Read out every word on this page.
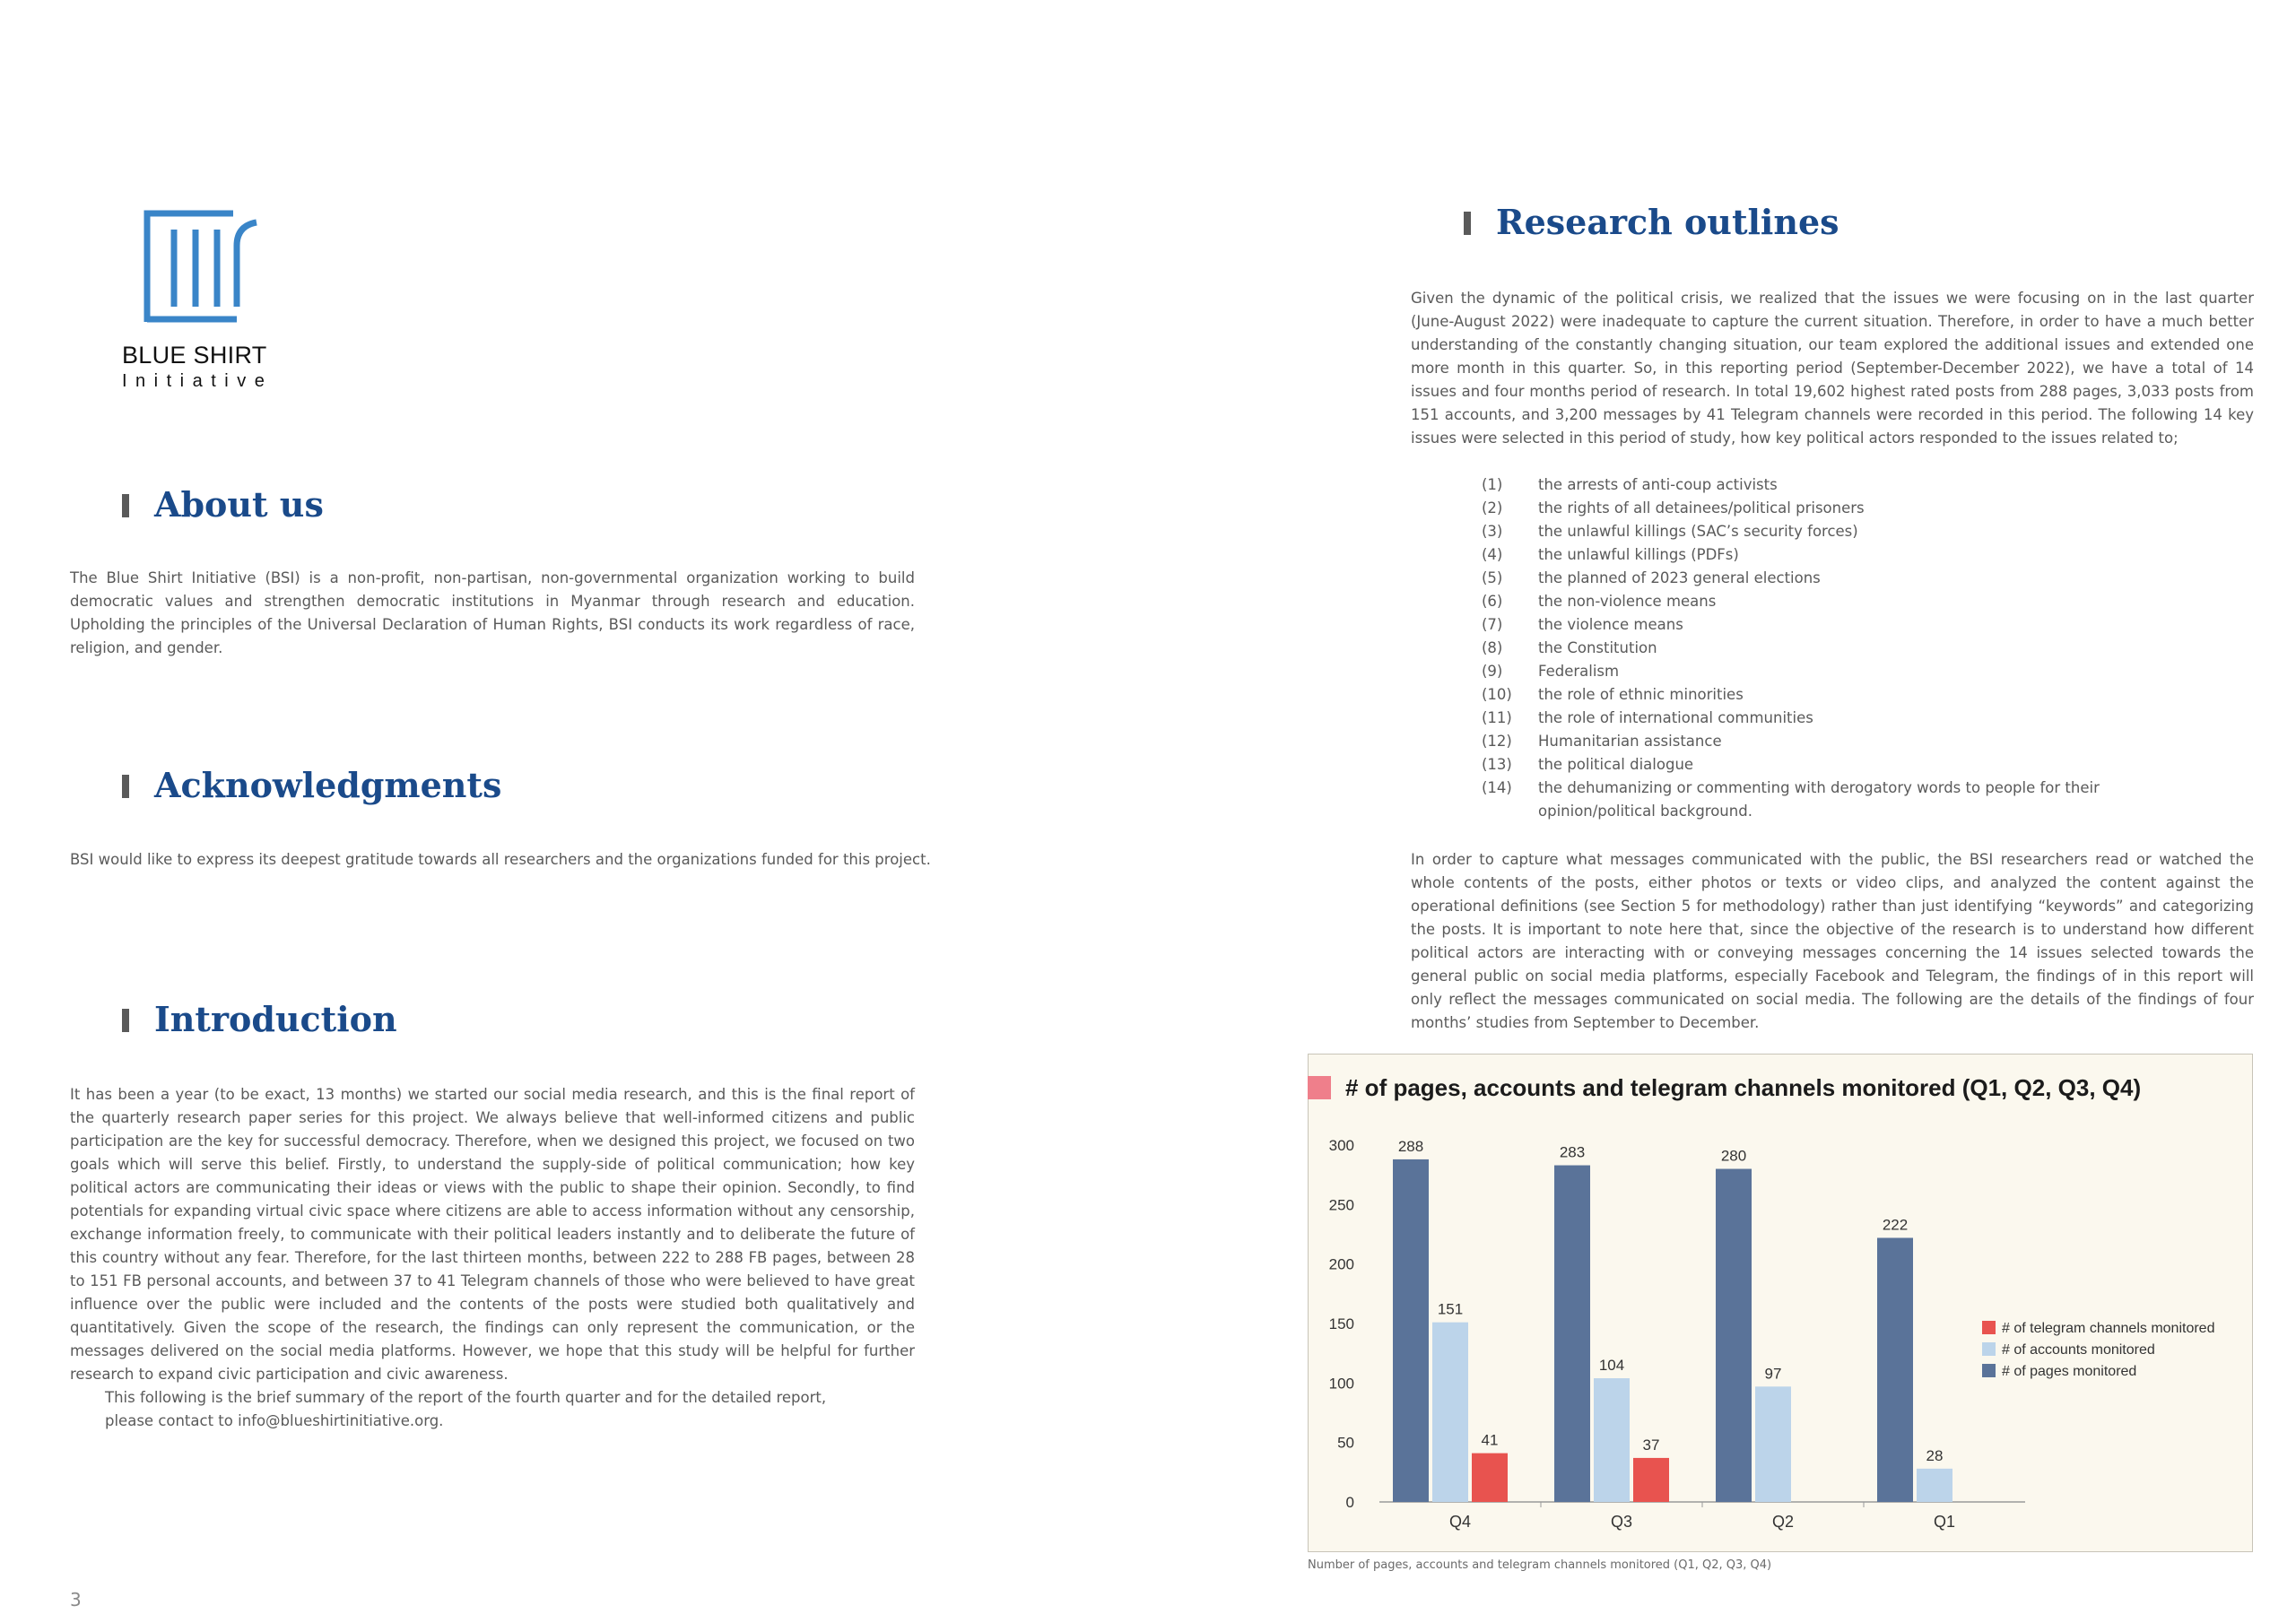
BLUE SHIRT
Initiative
About us

The Blue Shirt Initiative (BSI) is a non-profit, non-partisan, non-governmental organization working to build democratic values and strengthen democratic institutions in Myanmar through research and education. Upholding the principles of the Universal Declaration of Human Rights, BSI conducts its work regardless of race, religion, and gender.

Acknowledgments

BSI would like to express its deepest gratitude towards all researchers and the organizations funded for this project.

Introduction

It has been a year (to be exact, 13 months) we started our social media research, and this is the final report of the quarterly research paper series for this project. We always believe that well-informed citizens and public participation are the key for successful democracy. Therefore, when we designed this project, we focused on two goals which will serve this belief. Firstly, to understand the supply-side of political communication; how key political actors are communicating their ideas or views with the public to shape their opinion. Secondly, to find potentials for expanding virtual civic space where citizens are able to access information without any censorship, exchange information freely, to communicate with their political leaders instantly and to deliberate the future of this country without any fear. Therefore, for the last thirteen months, between 222 to 288 FB pages, between 28 to 151 FB personal accounts, and between 37 to 41 Telegram channels of those who were believed to have great influence over the public were included and the contents of the posts were studied both qualitatively and quantitatively. Given the scope of the research, the findings can only represent the communication, or the messages delivered on the social media platforms. However, we hope that this study will be helpful for further research to expand civic participation and civic awareness.

This following is the brief summary of the report of the fourth quarter and for the detailed report,
please contact to info@blueshirtinitiative.org.
3
Research outlines

Given the dynamic of the political crisis, we realized that the issues we were focusing on in the last quarter (June-August 2022) were inadequate to capture the current situation. Therefore, in order to have a much better understanding of the constantly changing situation, our team explored the additional issues and extended one more month in this quarter. So, in this reporting period (September-December 2022), we have a total of 14 issues and four months period of research. In total 19,602 highest rated posts from 288 pages, 3,033 posts from 151 accounts, and 3,200 messages by 41 Telegram channels were recorded in this period. The following 14 key issues were selected in this period of study, how key political actors responded to the issues related to;

(1) the arrests of anti-coup activists
(2) the rights of all detainees/political prisoners
(3) the unlawful killings (SAC’s security forces)
(4) the unlawful killings (PDFs)
(5) the planned of 2023 general elections
(6) the non-violence means
(7) the violence means
(8) the Constitution
(9) Federalism
(10) the role of ethnic minorities
(11) the role of international communities
(12) Humanitarian assistance
(13) the political dialogue
(14) the dehumanizing or commenting with derogatory words to people for their opinion/political background.

In order to capture what messages communicated with the public, the BSI researchers read or watched the whole contents of the posts, either photos or texts or video clips, and analyzed the content against the operational definitions (see Section 5 for methodology) rather than just identifying “keywords” and categorizing the posts. It is important to note here that, since the objective of the research is to understand how different political actors are interacting with or conveying messages concerning the 14 issues selected towards the general public on social media platforms, especially Facebook and Telegram, the findings of in this report will only reflect the messages communicated on social media. The following are the details of the findings of four months’ studies from September to December.

# of pages, accounts and telegram channels monitored (Q1, Q2, Q3, Q4)
0
50
100
150
200
250
300	288
151
41
Q4
283
104
37
Q3
280
97
Q2
222
28
Q1
# of telegram channels monitored
# of accounts monitored
# of pages monitored
Number of pages, accounts and telegram channels monitored (Q1, Q2, Q3, Q4)
